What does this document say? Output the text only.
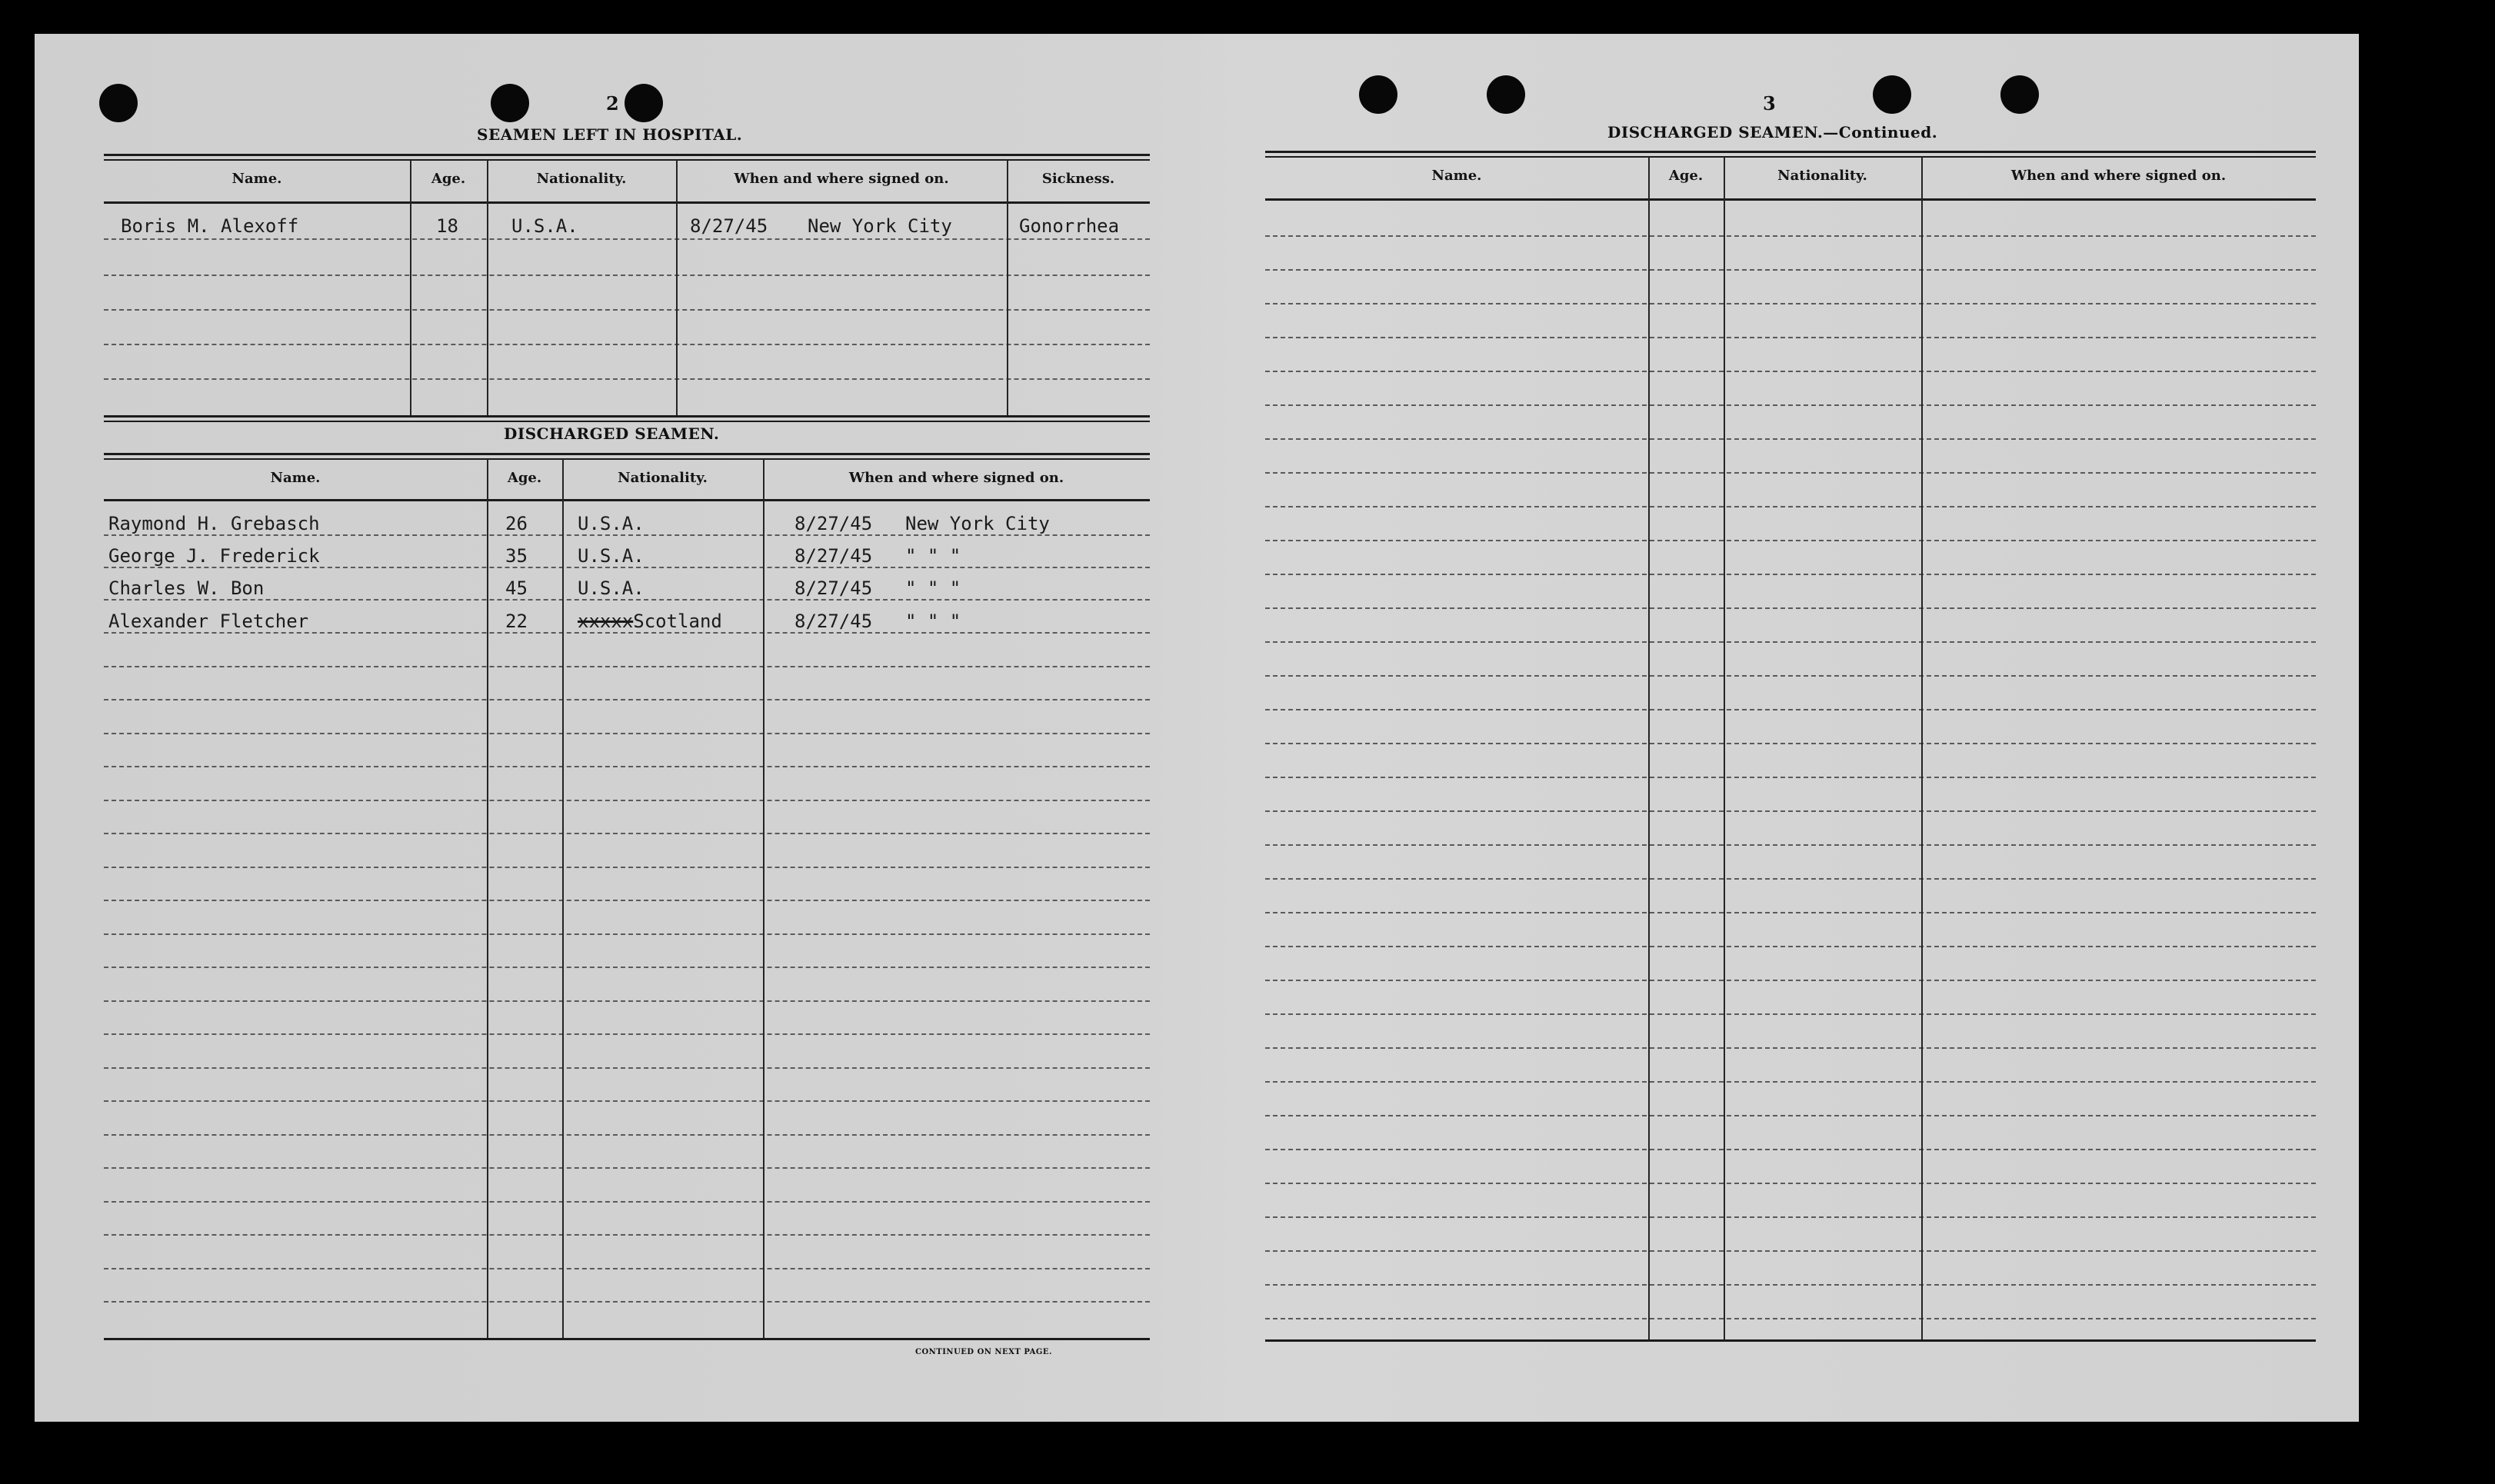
2
SEAMEN LEFT IN HOSPITAL.
Name.	Age.	Nationality.	When and where signed on.	Sickness.
Boris M. Alexoff	18	U.S.A.	8/27/45 New York City	Gonorrhea
DISCHARGED SEAMEN.
Name.	Age.	Nationality.	When and where signed on.
Raymond H. Grebasch	26	U.S.A.	8/27/45 New York City
George J. Frederick	35	U.S.A.	8/27/45 " " "
Charles W. Bon	45	U.S.A.	8/27/45 " " "
Alexander Fletcher	22	xxxxxScotland	8/27/45 " " "
CONTINUED ON NEXT PAGE.
3
DISCHARGED SEAMEN.—Continued.
Name.	Age.	Nationality.	When and where signed on.
